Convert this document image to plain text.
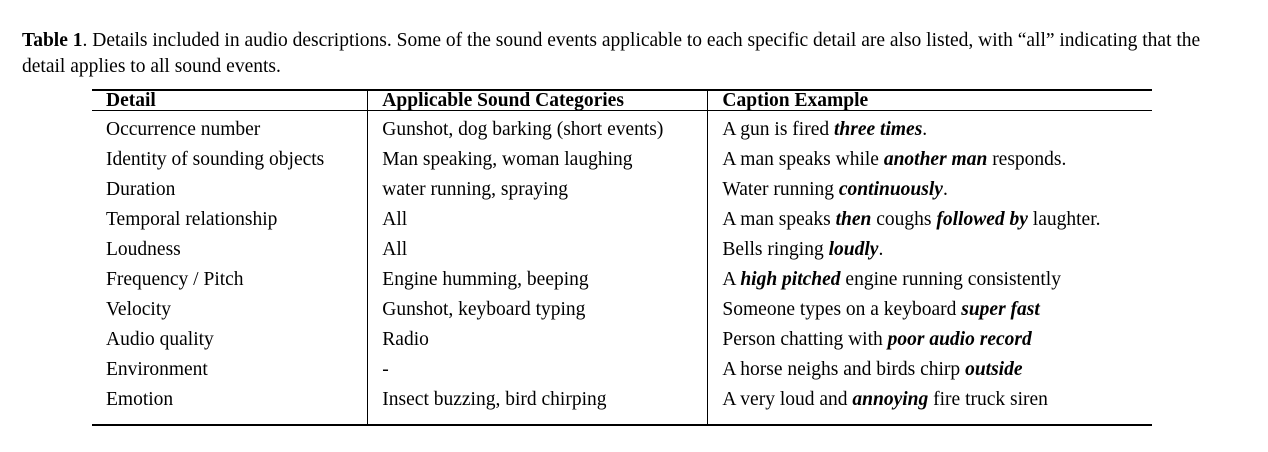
Table 1. Details included in audio descriptions. Some of the sound events applicable to each specific detail are also listed, with “all” indicating that the detail applies to all sound events.
Detail	Applicable Sound Categories	Caption Example

Occurrence number	Gunshot, dog barking (short events)	A gun is fired three times.
Identity of sounding objects	Man speaking, woman laughing	A man speaks while another man responds.
Duration	water running, spraying	Water running continuously.
Temporal relationship	All	A man speaks then coughs followed by laughter.
Loudness	All	Bells ringing loudly.
Frequency / Pitch	Engine humming, beeping	A high pitched engine running consistently
Velocity	Gunshot, keyboard typing	Someone types on a keyboard super fast
Audio quality	Radio	Person chatting with poor audio record
Environment	-	A horse neighs and birds chirp outside
Emotion	Insect buzzing, bird chirping	A very loud and annoying fire truck siren
